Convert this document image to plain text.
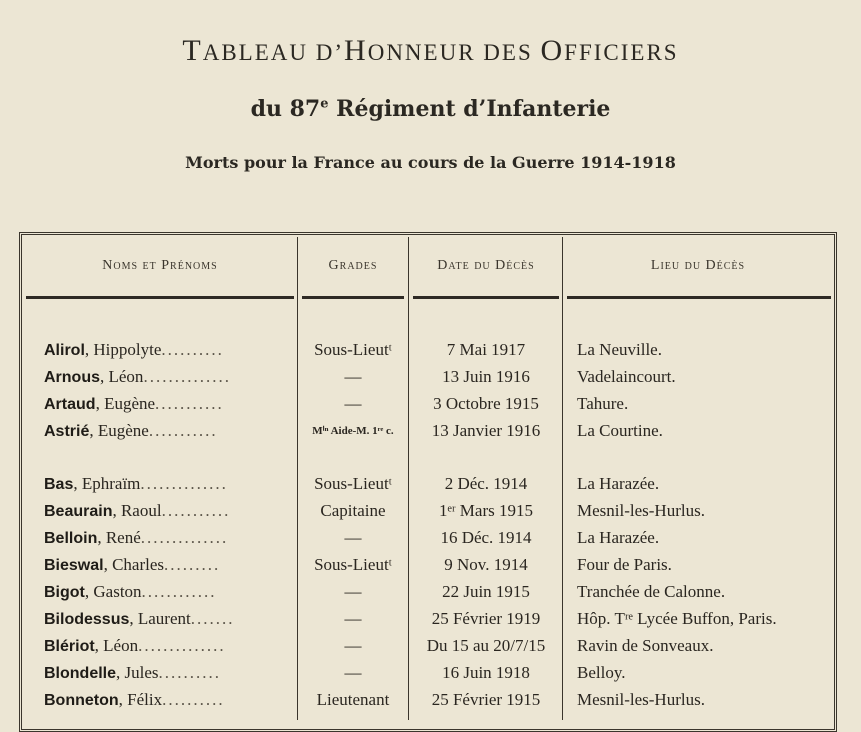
TABLEAU D’HONNEUR DES OFFICIERS
du 87e Régiment d’Infanterie
Morts pour la France au cours de la Guerre 1914-1918
Noms et Prénoms	Grades	Date du Décès	Lieu du Décès
Alirol, Hippolyte..........	Sous-Lieutᵗ	7 Mai 1917	La Neuville.
Arnous, Léon..............	—	13 Juin 1916	Vadelaincourt.
Artaud, Eugène...........	—	3 Octobre 1915	Tahure.
Astrié, Eugène...........	Mⁱⁿ Aide-M. 1ʳᵉ c.	13 Janvier 1916	La Courtine.
Bas, Ephraïm..............	Sous-Lieutᵗ	2 Déc. 1914	La Harazée.
Beaurain, Raoul...........	Capitaine	1ᵉʳ Mars 1915	Mesnil-les-Hurlus.
Belloin, René..............	—	16 Déc. 1914	La Harazée.
Bieswal, Charles.........	Sous-Lieutᵗ	9 Nov. 1914	Four de Paris.
Bigot, Gaston............	—	22 Juin 1915	Tranchée de Calonne.
Bilodessus, Laurent.......	—	25 Février 1919	Hôp. Tʳᵉ Lycée Buffon, Paris.
Blériot, Léon..............	—	Du 15 au 20/7/15	Ravin de Sonveaux.
Blondelle, Jules..........	—	16 Juin 1918	Belloy.
Bonneton, Félix..........	Lieutenant	25 Février 1915	Mesnil-les-Hurlus.
